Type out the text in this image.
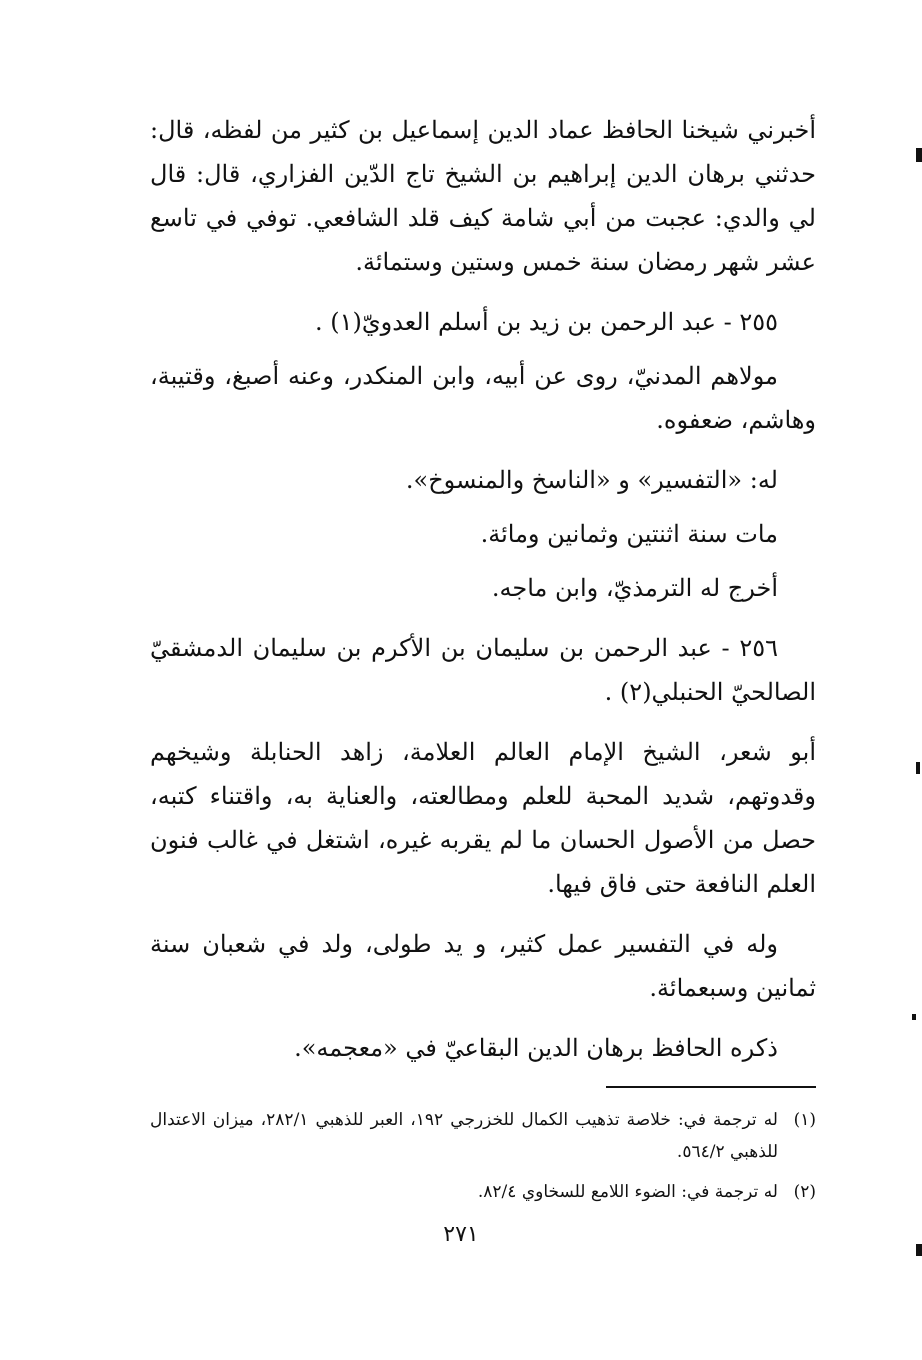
أخبرني شيخنا الحافظ عماد الدين إسماعيل بن كثير من لفظه، قال: حدثني برهان الدين إبراهيم بن الشيخ تاج الدّين الفزاري، قال: قال لي والدي: عجبت من أبي شامة كيف قلد الشافعي. توفي في تاسع عشر شهر رمضان سنة خمس وستين وستمائة.

٢٥٥ - عبد الرحمن بن زيد بن أسلم العدويّ(١) .

مولاهم المدنيّ، روى عن أبيه، وابن المنكدر، وعنه أصبغ، وقتيبة، وهاشم، ضعفوه.

له: «التفسير» و «الناسخ والمنسوخ».

مات سنة اثنتين وثمانين ومائة.

أخرج له الترمذيّ، وابن ماجه.

٢٥٦ - عبد الرحمن بن سليمان بن الأكرم بن سليمان الدمشقيّ الصالحيّ الحنبلي(٢) .

أبو شعر، الشيخ الإمام العالم العلامة، زاهد الحنابلة وشيخهم وقدوتهم، شديد المحبة للعلم ومطالعته، والعناية به، واقتناء كتبه، حصل من الأصول الحسان ما لم يقربه غيره، اشتغل في غالب فنون العلم النافعة حتى فاق فيها.

وله في التفسير عمل كثير، و يد طولى، ولد في شعبان سنة ثمانين وسبعمائة.

ذكره الحافظ برهان الدين البقاعيّ في «معجمه».

(١)
له ترجمة في: خلاصة تذهيب الكمال للخزرجي ١٩٢، العبر للذهبي ٢٨٢/١، ميزان الاعتدال للذهبي ٥٦٤/٢.
(٢)
له ترجمة في: الضوء اللامع للسخاوي ٨٢/٤.
٢٧١
